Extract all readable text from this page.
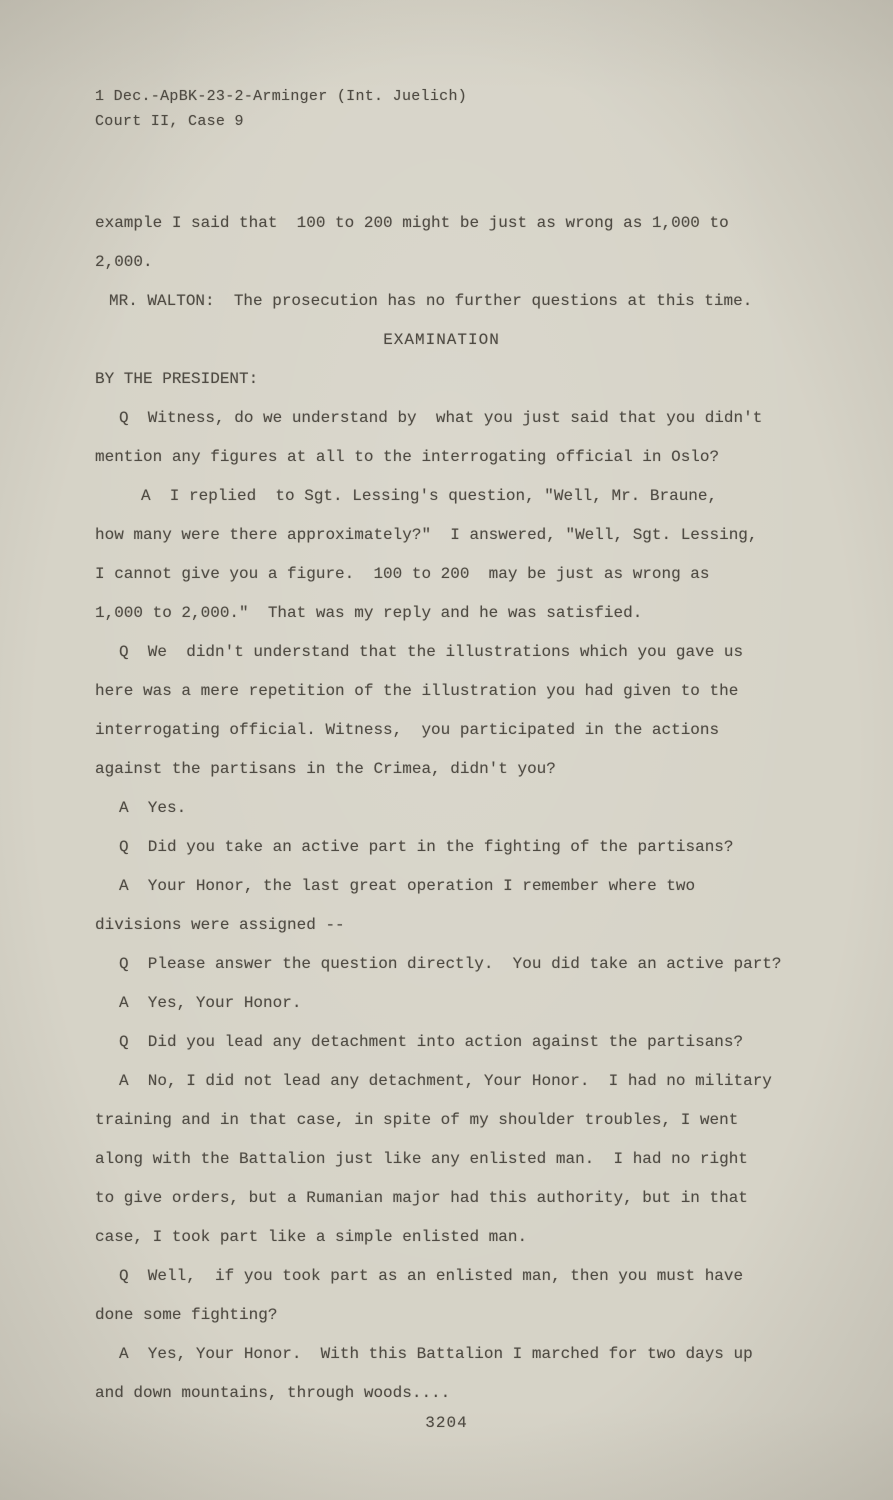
1 Dec.-ApBK-23-2-Arminger (Int. Juelich)
Court II, Case 9
example I said that  100 to 200 might be just as wrong as 1,000 to
2,000.
MR. WALTON:  The prosecution has no further questions at this time.
EXAMINATION
BY THE PRESIDENT:
Q  Witness, do we understand by  what you just said that you didn't
mention any figures at all to the interrogating official in Oslo?
A  I replied  to Sgt. Lessing's question, "Well, Mr. Braune,
how many were there approximately?"  I answered, "Well, Sgt. Lessing,
I cannot give you a figure.  100 to 200  may be just as wrong as
1,000 to 2,000."  That was my reply and he was satisfied.
Q  We  didn't understand that the illustrations which you gave us
here was a mere repetition of the illustration you had given to the
interrogating official. Witness,  you participated in the actions
against the partisans in the Crimea, didn't you?
A  Yes.
Q  Did you take an active part in the fighting of the partisans?
A  Your Honor, the last great operation I remember where two
divisions were assigned --
Q  Please answer the question directly.  You did take an active part?
A  Yes, Your Honor.
Q  Did you lead any detachment into action against the partisans?
A  No, I did not lead any detachment, Your Honor.  I had no military
training and in that case, in spite of my shoulder troubles, I went
along with the Battalion just like any enlisted man.  I had no right
to give orders, but a Rumanian major had this authority, but in that
case, I took part like a simple enlisted man.
Q  Well,  if you took part as an enlisted man, then you must have
done some fighting?
A  Yes, Your Honor.  With this Battalion I marched for two days up
and down mountains, through woods....
3204
